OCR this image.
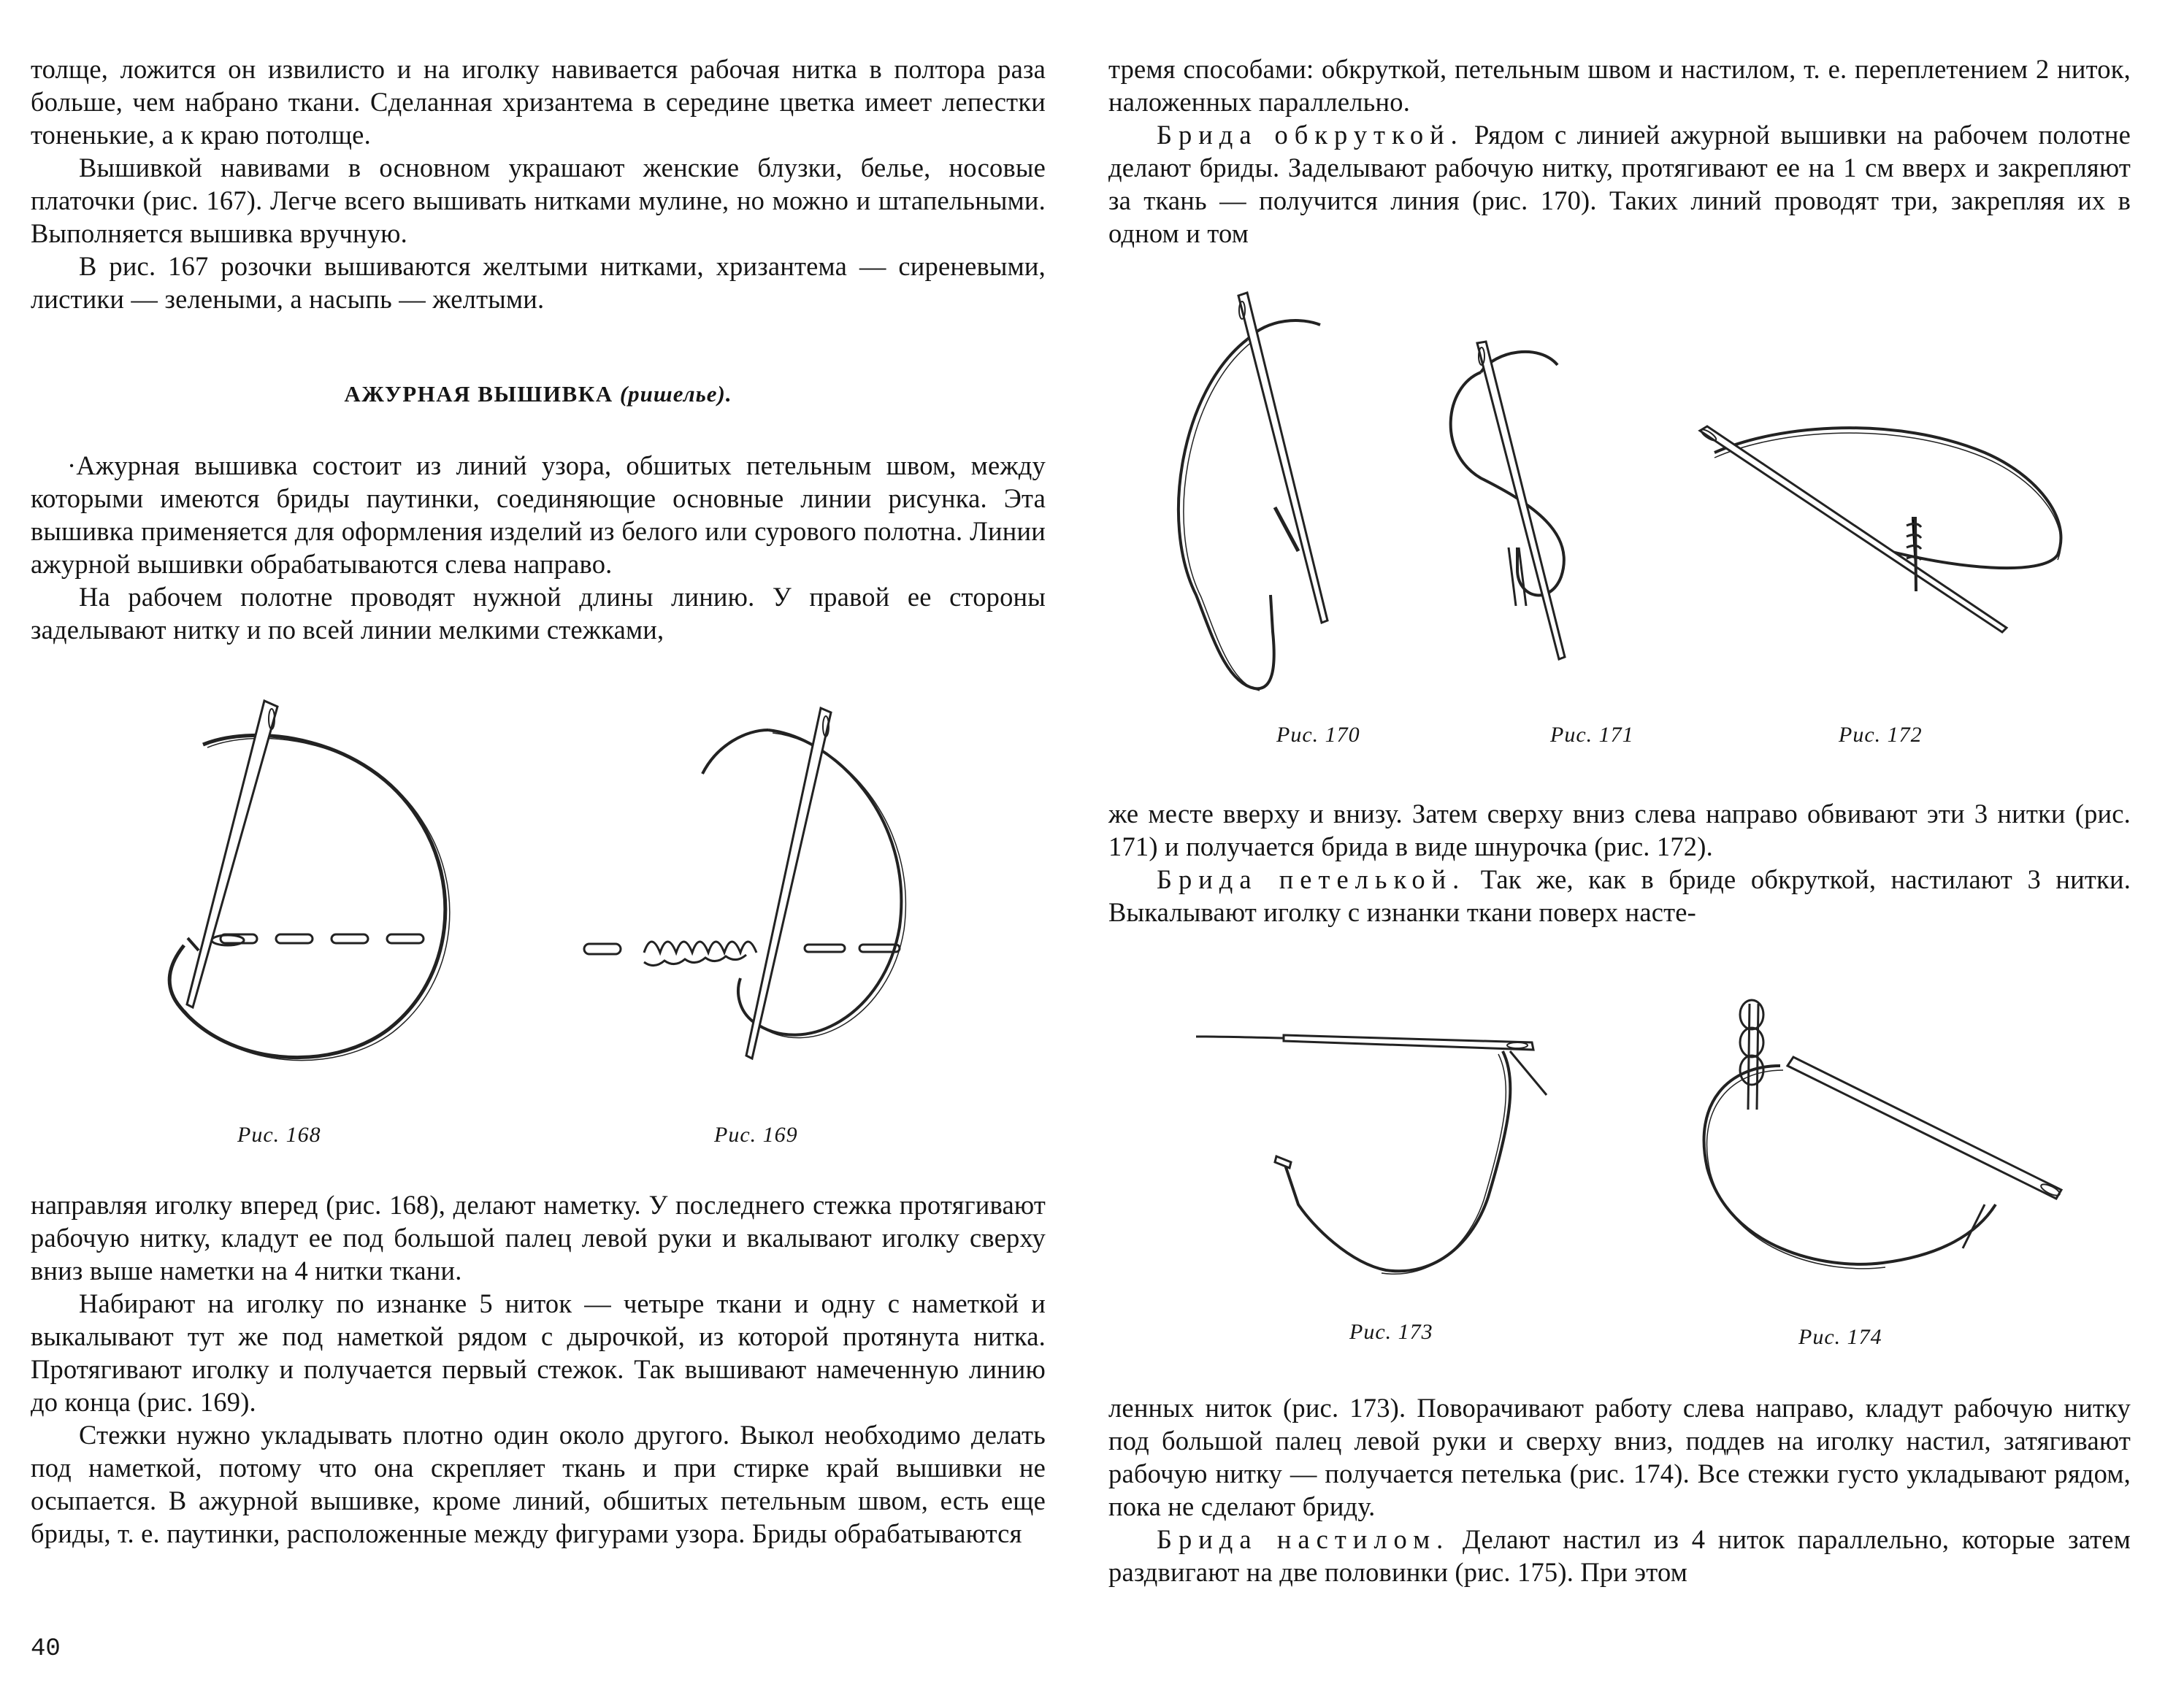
толще, ложится он извилисто и на иголку навивается рабочая нитка в полтора раза больше, чем набрано ткани. Сделанная хризантема в середине цветка имеет лепестки тоненькие, а к краю потолще.

Вышивкой навивами в основном украшают женские блузки, белье, носовые платочки (рис. 167). Легче всего вышивать нитками мулине, но можно и штапельными. Выполняется вышивка вручную.

В рис. 167 розочки вышиваются желтыми нитками, хризантема — сиреневыми, листики — зелеными, а насыпь — желтыми.

АЖУРНАЯ ВЫШИВКА (ришелье).

·Ажурная вышивка состоит из линий узора, обшитых петельным швом, между которыми имеются бриды паутинки, соединяющие основные линии рисунка. Эта вышивка применяется для оформления изделий из белого или сурового полотна. Линии ажурной вышивки обрабатываются слева направо.

На рабочем полотне проводят нужной длины линию. У правой ее стороны заделывают нитку и по всей линии мелкими стежками,

Рис. 168	Рис. 169

направляя иголку вперед (рис. 168), делают наметку. У последнего стежка протягивают рабочую нитку, кладут ее под большой палец левой руки и вкалывают иголку сверху вниз выше наметки на 4 нитки ткани.

Набирают на иголку по изнанке 5 ниток — четыре ткани и одну с наметкой и выкалывают тут же под наметкой рядом с дырочкой, из которой протянута нитка. Протягивают иголку и получается первый стежок. Так вышивают намеченную линию до конца (рис. 169).

Стежки нужно укладывать плотно один около другого. Выкол необходимо делать под наметкой, потому что она скрепляет ткань и при стирке край вышивки не осыпается. В ажурной вышивке, кроме линий, обшитых петельным швом, есть еще бриды, т. е. паутинки, расположенные между фигурами узора. Бриды обрабатываются

40

тремя способами: обкруткой, петельным швом и настилом, т. е. переплетением 2 ниток, наложенных параллельно.

Брида обкруткой. Рядом с линией ажурной вышивки на рабочем полотне делают бриды. Заделывают рабочую нитку, протягивают ее на 1 см вверх и закрепляют за ткань — получится линия (рис. 170). Таких линий проводят три, закрепляя их в одном и том

Рис. 170	Рис. 171	Рис. 172

же месте вверху и внизу. Затем сверху вниз слева направо обвивают эти 3 нитки (рис. 171) и получается брида в виде шнурочка (рис. 172).

Брида петелькой. Так же, как в бриде обкруткой, настилают 3 нитки. Выкалывают иголку с изнанки ткани поверх насте-

Рис. 173	Рис. 174

ленных ниток (рис. 173). Поворачивают работу слева направо, кладут рабочую нитку под большой палец левой руки и сверху вниз, поддев на иголку настил, затягивают рабочую нитку — получается петелька (рис. 174). Все стежки густо укладывают рядом, пока не сделают бриду.

Брида настилом. Делают настил из 4 ниток параллельно, которые затем раздвигают на две половинки (рис. 175). При этом
